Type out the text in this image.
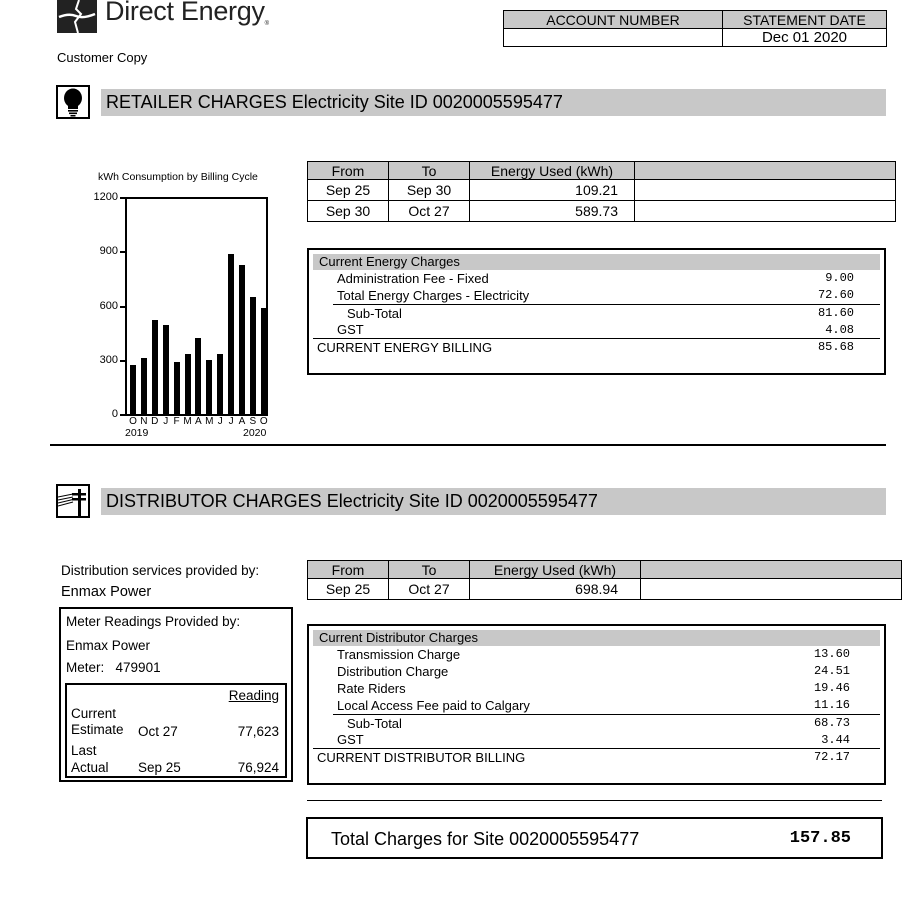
Direct Energy®
Customer Copy
ACCOUNT NUMBER	STATEMENT DATE
	Dec 01 2020
RETAILER CHARGES Electricity Site ID 0020005595477
kWh Consumption by Billing Cycle
0
300
600
900
1200
O N D J F M A M J J A S O
2019	2020
From	To	Energy Used (kWh)	
Sep 25	Sep 30	109.21	
Sep 30	Oct 27	589.73	
Current Energy Charges
Administration Fee - Fixed	9.00
Total Energy Charges - Electricity	72.60
Sub-Total	81.60
GST	4.08
CURRENT ENERGY BILLING	85.68
DISTRIBUTOR CHARGES Electricity Site ID 0020005595477
Distribution services provided by:
Enmax Power
Meter Readings Provided by:
Enmax Power
Meter: 479901
Reading
Current
Estimate Oct 27	77,623
Last
Actual Sep 25	76,924
From	To	Energy Used (kWh)	
Sep 25	Oct 27	698.94	
Current Distributor Charges
Transmission Charge	13.60
Distribution Charge	24.51
Rate Riders	19.46
Local Access Fee paid to Calgary	11.16
Sub-Total	68.73
GST	3.44
CURRENT DISTRIBUTOR BILLING	72.17
Total Charges for Site 0020005595477	157.85
